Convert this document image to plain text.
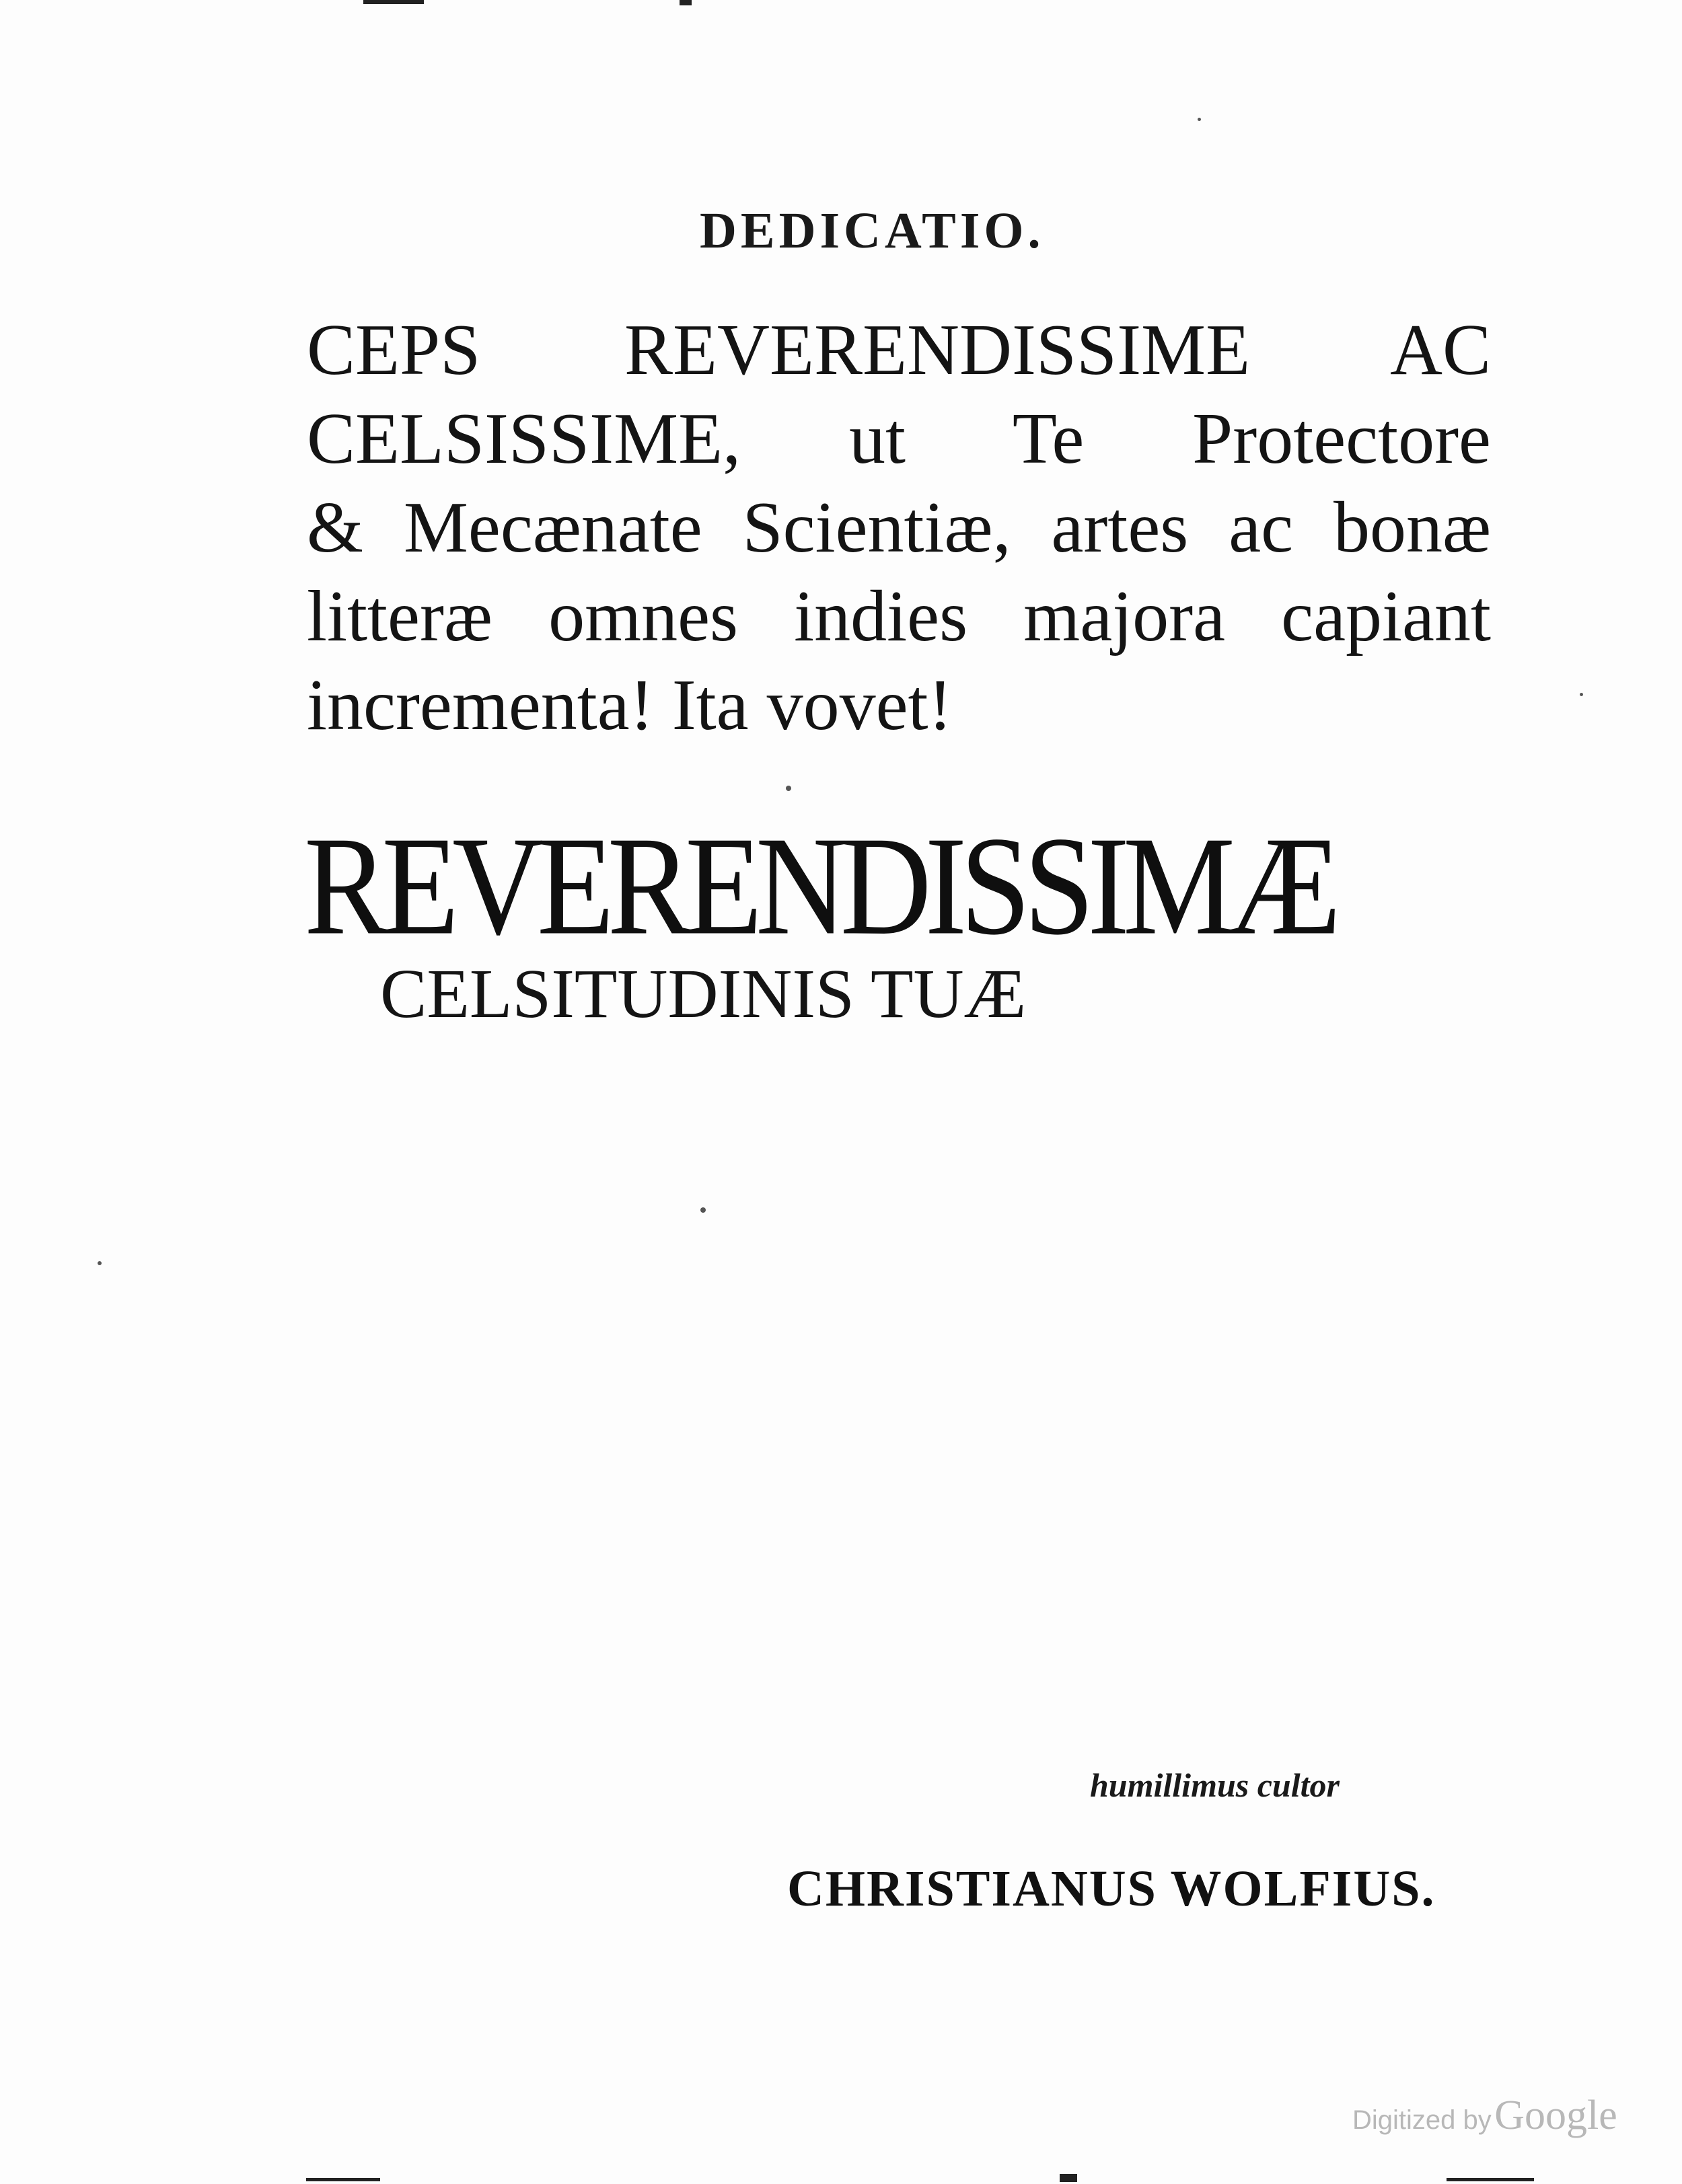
DEDICATIO.
CEPS REVERENDISSIME AC
CELSISSIME, ut Te Protectore
& Mecænate Scientiæ, artes ac bonæ
litteræ omnes indies majora capiant
incrementa! Ita vovet!
REVERENDISSIMÆ
CELSITUDINIS TUÆ
humillimus cultor
CHRISTIANUS WOLFIUS.
Digitized by Google
